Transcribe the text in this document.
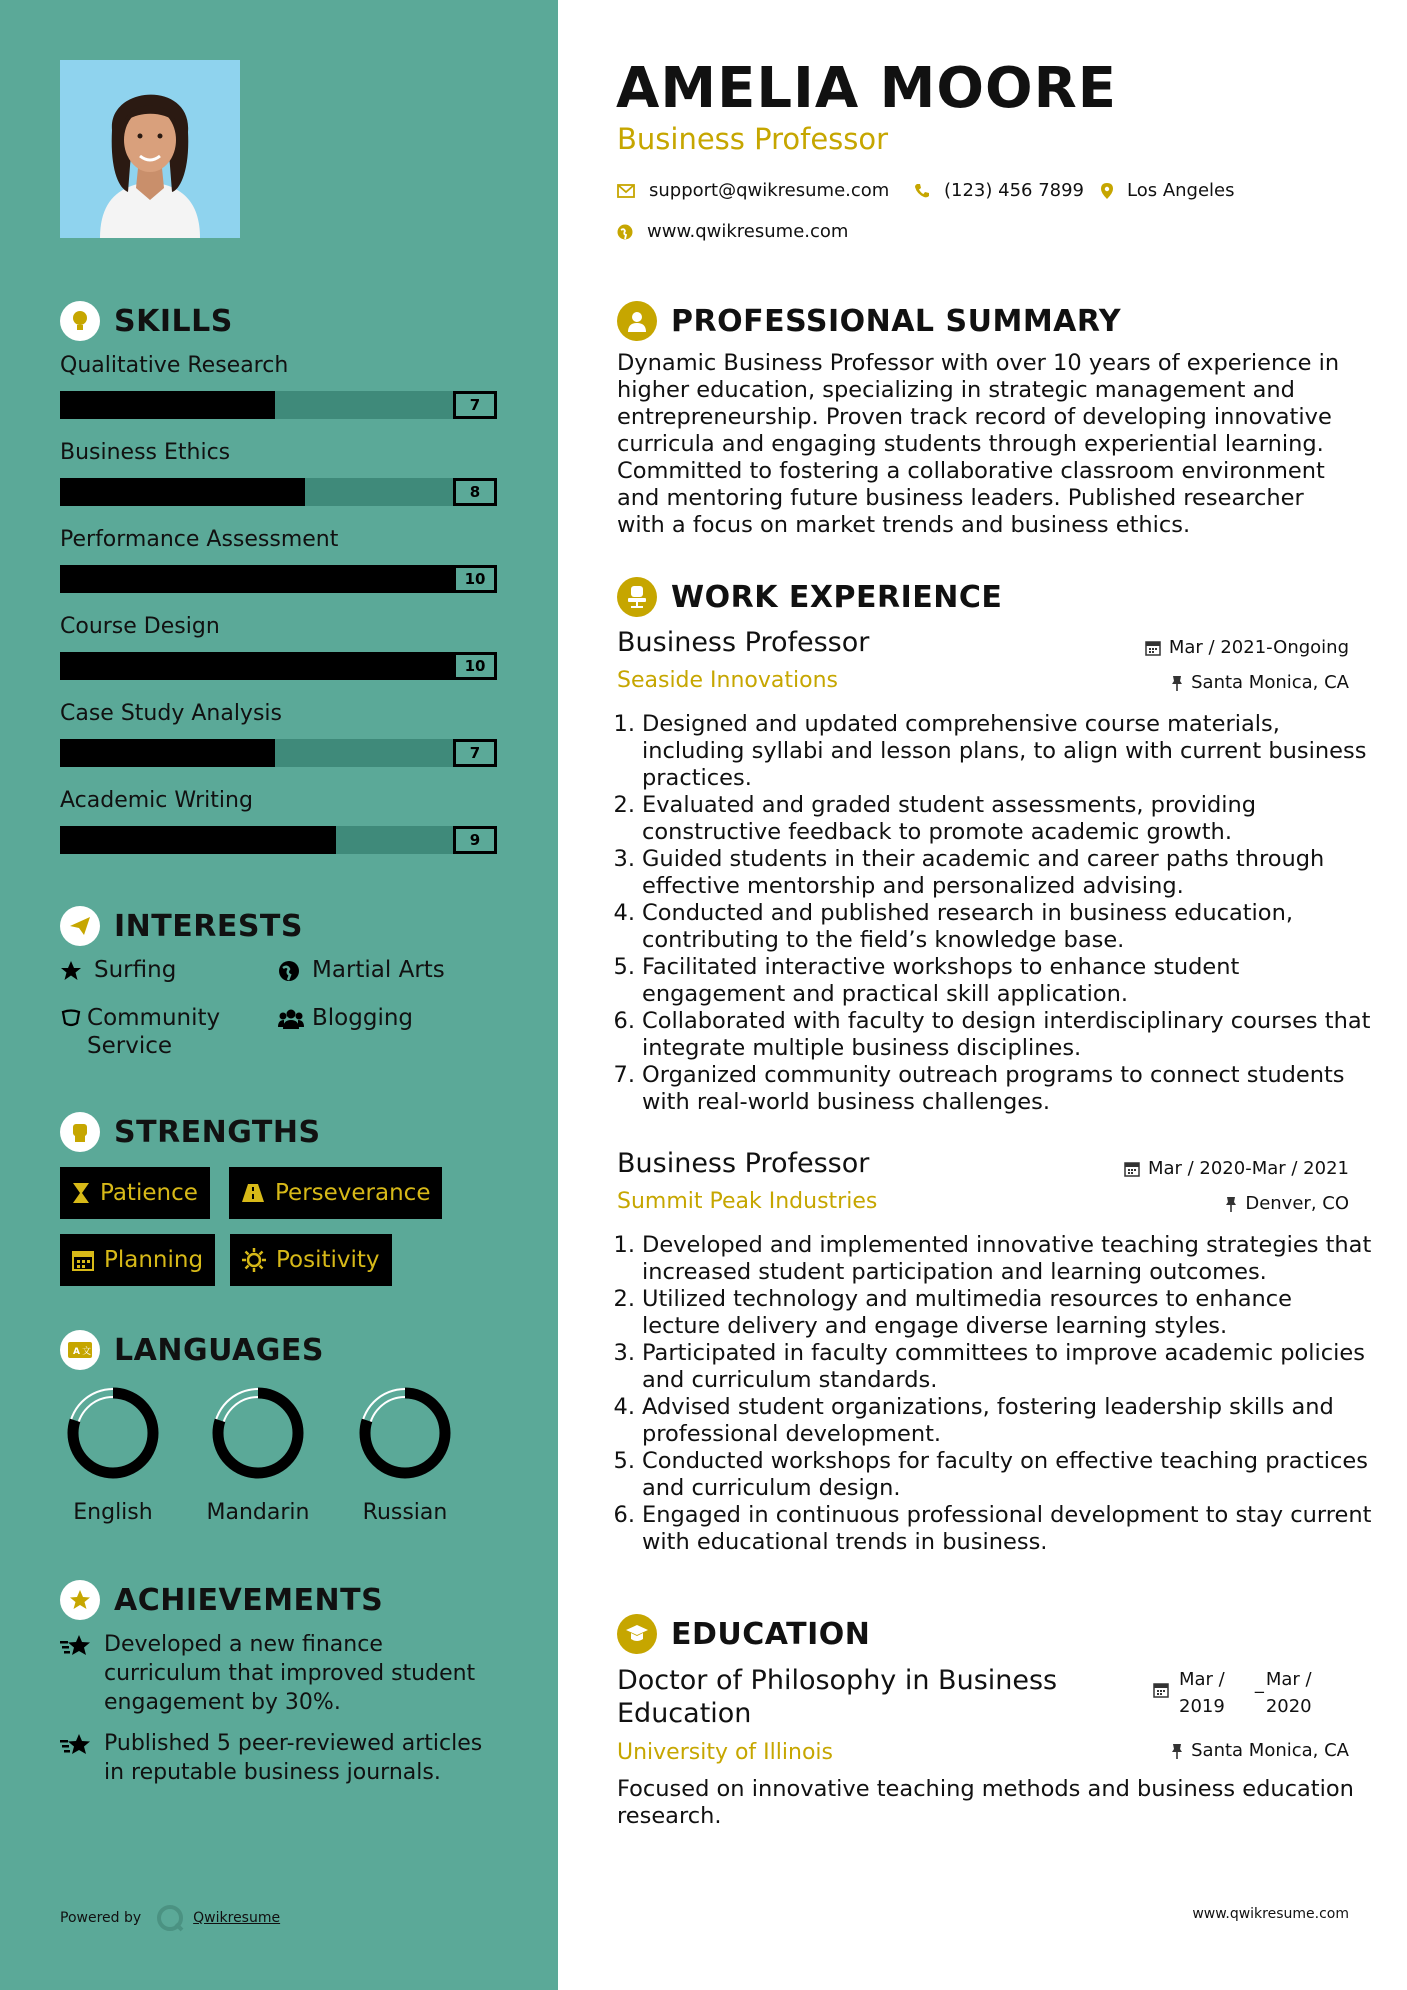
SKILLS
Qualitative Research
7
Business Ethics
8
Performance Assessment
10
Course Design
10
Case Study Analysis
7
Academic Writing
9
INTERESTS
Surfing	Martial Arts
Community Service
Blogging
STRENGTHS
Patience	Perseverance
Planning	Positivity
A 文 LANGUAGES
English	Mandarin	Russian
ACHIEVEMENTS
Developed a new finance curriculum that improved student engagement by 30%.
Published 5 peer-reviewed articles in reputable business journals.
Powered by	Qwikresume
AMELIA MOORE
Business Professor
support@qwikresume.com	(123) 456 7899 Los Angeles
www.qwikresume.com
PROFESSIONAL SUMMARY
Dynamic Business Professor with over 10 years of experience in higher education, specializing in strategic management and entrepreneurship. Proven track record of developing innovative curricula and engaging students through experiential learning. Committed to fostering a collaborative classroom environment and mentoring future business leaders. Published researcher with a focus on market trends and business ethics.
WORK EXPERIENCE
Business Professor
Seaside Innovations
Mar / 2021-Ongoing
Santa Monica, CA
1. Designed and updated comprehensive course materials, including syllabi and lesson plans, to align with current business practices.
2. Evaluated and graded student assessments, providing constructive feedback to promote academic growth.
3. Guided students in their academic and career paths through effective mentorship and personalized advising.
4. Conducted and published research in business education, contributing to the field’s knowledge base.
5. Facilitated interactive workshops to enhance student engagement and practical skill application.
6. Collaborated with faculty to design interdisciplinary courses that integrate multiple business disciplines.
7. Organized community outreach programs to connect students with real-world business challenges.
Business Professor
Summit Peak Industries
Mar / 2020-Mar / 2021
Denver, CO
1. Developed and implemented innovative teaching strategies that increased student participation and learning outcomes.
2. Utilized technology and multimedia resources to enhance lecture delivery and engage diverse learning styles.
3. Participated in faculty committees to improve academic policies and curriculum standards.
4. Advised student organizations, fostering leadership skills and professional development.
5. Conducted workshops for faculty on effective teaching practices and curriculum design.
6. Engaged in continuous professional development to stay current with educational trends in business.
EDUCATION
Doctor of Philosophy in Business Education
University of Illinois
Mar /
2019
_ Mar /
2020
Santa Monica, CA
Focused on innovative teaching methods and business education research.
www.qwikresume.com
